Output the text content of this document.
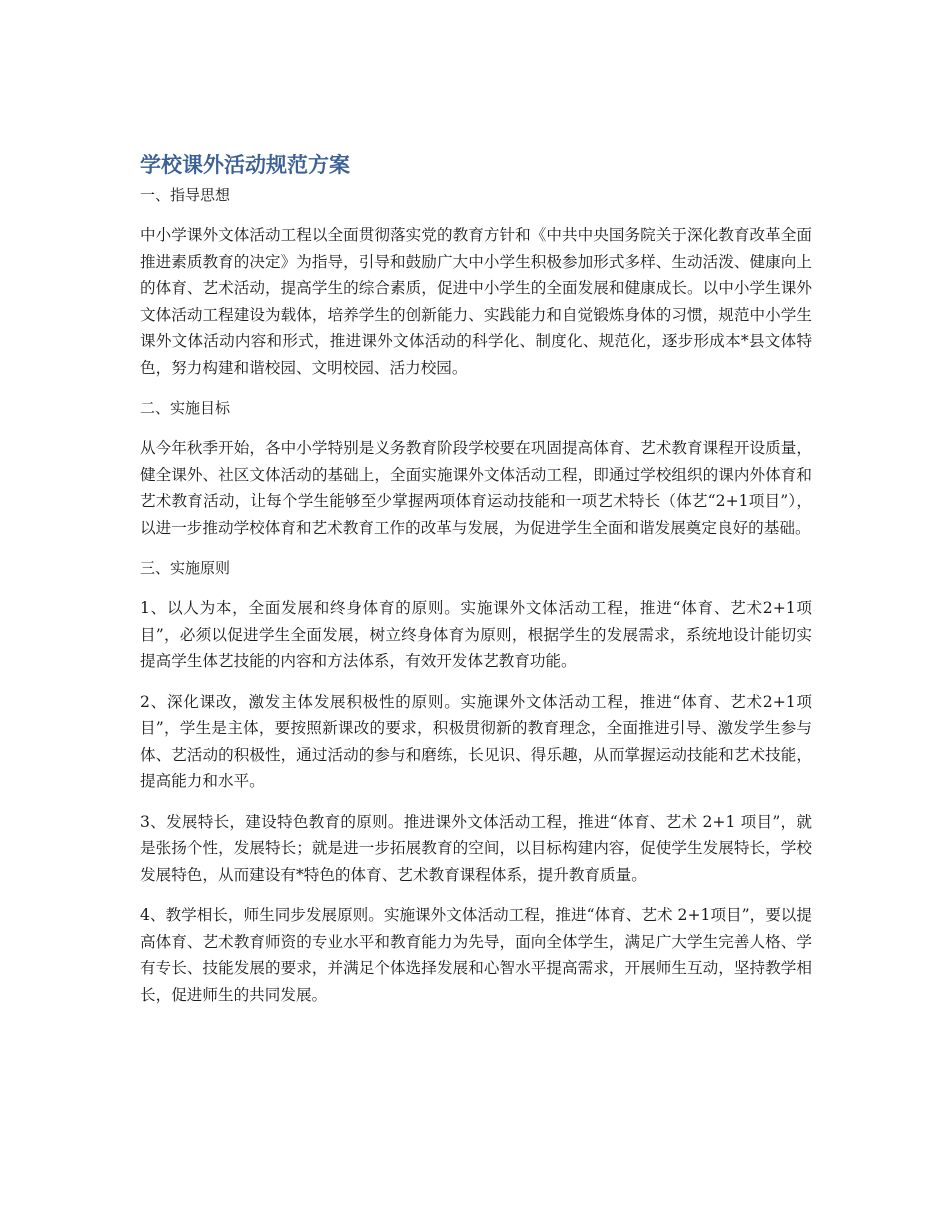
学校课外活动规范方案
一、指导思想

中小学课外文体活动工程以全面贯彻落实党的教育方针和《中共中央国务院关于深化教育改革全面推进素质教育的决定》为指导，引导和鼓励广大中小学生积极参加形式多样、生动活泼、健康向上的体育、艺术活动，提高学生的综合素质，促进中小学生的全面发展和健康成长。以中小学生课外文体活动工程建设为载体，培养学生的创新能力、实践能力和自觉锻炼身体的习惯，规范中小学生课外文体活动内容和形式，推进课外文体活动的科学化、制度化、规范化，逐步形成本*县文体特色，努力构建和谐校园、文明校园、活力校园。

二、实施目标

从今年秋季开始，各中小学特别是义务教育阶段学校要在巩固提高体育、艺术教育课程开设质量，健全课外、社区文体活动的基础上，全面实施课外文体活动工程，即通过学校组织的课内外体育和艺术教育活动，让每个学生能够至少掌握两项体育运动技能和一项艺术特长（体艺“2+1项目”），以进一步推动学校体育和艺术教育工作的改革与发展，为促进学生全面和谐发展奠定良好的基础。

三、实施原则

1、以人为本，全面发展和终身体育的原则。实施课外文体活动工程，推进“体育、艺术2+1项目”，必须以促进学生全面发展，树立终身体育为原则，根据学生的发展需求，系统地设计能切实提高学生体艺技能的内容和方法体系，有效开发体艺教育功能。

2、深化课改，激发主体发展积极性的原则。实施课外文体活动工程，推进“体育、艺术2+1项目”，学生是主体，要按照新课改的要求，积极贯彻新的教育理念，全面推进引导、激发学生参与体、艺活动的积极性，通过活动的参与和磨练，长见识、得乐趣，从而掌握运动技能和艺术技能，提高能力和水平。

3、发展特长，建设特色教育的原则。推进课外文体活动工程，推进“体育、艺术 2+1 项目”，就是张扬个性，发展特长；就是进一步拓展教育的空间，以目标构建内容，促使学生发展特长，学校发展特色，从而建设有*特色的体育、艺术教育课程体系，提升教育质量。

4、教学相长，师生同步发展原则。实施课外文体活动工程，推进“体育、艺术 2+1项目”，要以提高体育、艺术教育师资的专业水平和教育能力为先导，面向全体学生，满足广大学生完善人格、学有专长、技能发展的要求，并满足个体选择发展和心智水平提高需求，开展师生互动，坚持教学相长，促进师生的共同发展。
